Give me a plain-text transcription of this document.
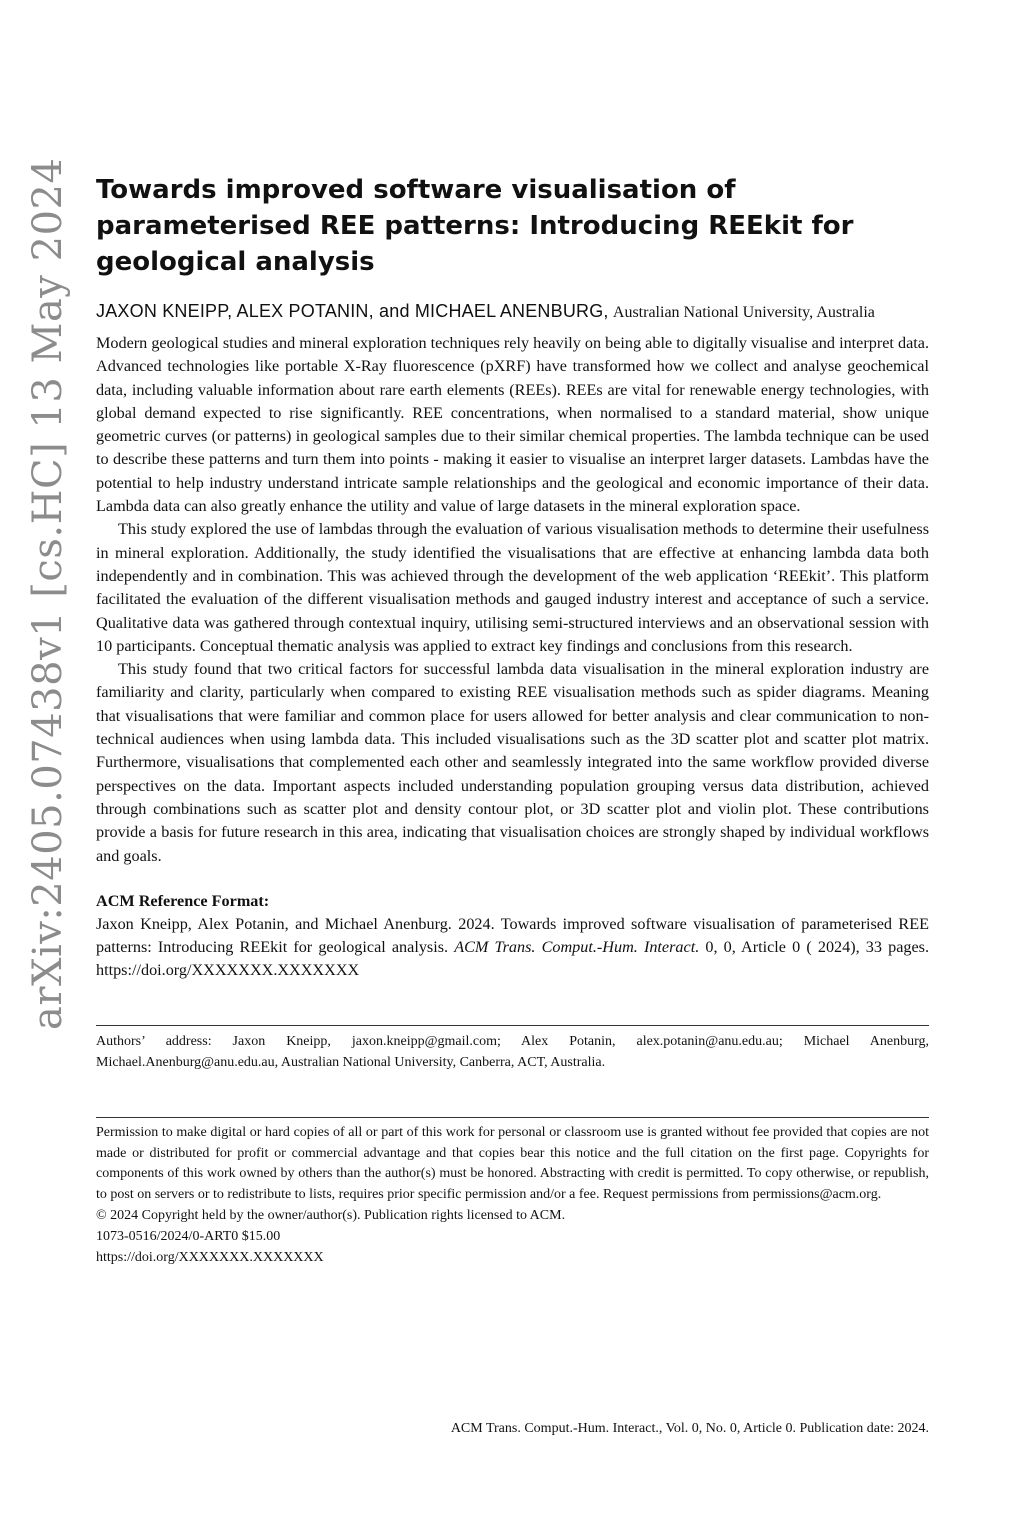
arXiv:2405.07438v1 [cs.HC] 13 May 2024 Towards improved software visualisation of parameterised REE patterns: Introducing REEkit for geological analysis
JAXON KNEIPP, ALEX POTANIN, and MICHAEL ANENBURG, Australian National University, Australia

Modern geological studies and mineral exploration techniques rely heavily on being able to digitally visualise and interpret data. Advanced technologies like portable X-Ray fluorescence (pXRF) have transformed how we collect and analyse geochemical data, including valuable information about rare earth elements (REEs). REEs are vital for renewable energy technologies, with global demand expected to rise significantly. REE concentrations, when normalised to a standard material, show unique geometric curves (or patterns) in geological samples due to their similar chemical properties. The lambda technique can be used to describe these patterns and turn them into points - making it easier to visualise an interpret larger datasets. Lambdas have the potential to help industry understand intricate sample relationships and the geological and economic importance of their data. Lambda data can also greatly enhance the utility and value of large datasets in the mineral exploration space.

This study explored the use of lambdas through the evaluation of various visualisation methods to determine their usefulness in mineral exploration. Additionally, the study identified the visualisations that are effective at enhancing lambda data both independently and in combination. This was achieved through the development of the web application ‘REEkit’. This platform facilitated the evaluation of the different visualisation methods and gauged industry interest and acceptance of such a service. Qualitative data was gathered through contextual inquiry, utilising semi-structured interviews and an observational session with 10 participants. Conceptual thematic analysis was applied to extract key findings and conclusions from this research.

This study found that two critical factors for successful lambda data visualisation in the mineral exploration industry are familiarity and clarity, particularly when compared to existing REE visualisation methods such as spider diagrams. Meaning that visualisations that were familiar and common place for users allowed for better analysis and clear communication to non-technical audiences when using lambda data. This included visualisations such as the 3D scatter plot and scatter plot matrix. Furthermore, visualisations that complemented each other and seamlessly integrated into the same workflow provided diverse perspectives on the data. Important aspects included understanding population grouping versus data distribution, achieved through combinations such as scatter plot and density contour plot, or 3D scatter plot and violin plot. These contributions provide a basis for future research in this area, indicating that visualisation choices are strongly shaped by individual workflows and goals.

ACM Reference Format:
Jaxon Kneipp, Alex Potanin, and Michael Anenburg. 2024. Towards improved software visualisation of parameterised REE patterns: Introducing REEkit for geological analysis. ACM Trans. Comput.-Hum. Interact. 0, 0, Article 0 ( 2024), 33 pages. https://doi.org/XXXXXXX.XXXXXXX
Authors’ address: Jaxon Kneipp, jaxon.kneipp@gmail.com; Alex Potanin, alex.potanin@anu.edu.au; Michael Anenburg, Michael.Anenburg@anu.edu.au, Australian National University, Canberra, ACT, Australia.
Permission to make digital or hard copies of all or part of this work for personal or classroom use is granted without fee provided that copies are not made or distributed for profit or commercial advantage and that copies bear this notice and the full citation on the first page. Copyrights for components of this work owned by others than the author(s) must be honored. Abstracting with credit is permitted. To copy otherwise, or republish, to post on servers or to redistribute to lists, requires prior specific permission and/or a fee. Request permissions from permissions@acm.org.
© 2024 Copyright held by the owner/author(s). Publication rights licensed to ACM.
1073-0516/2024/0-ART0 $15.00
https://doi.org/XXXXXXX.XXXXXXX
ACM Trans. Comput.-Hum. Interact., Vol. 0, No. 0, Article 0. Publication date: 2024.
